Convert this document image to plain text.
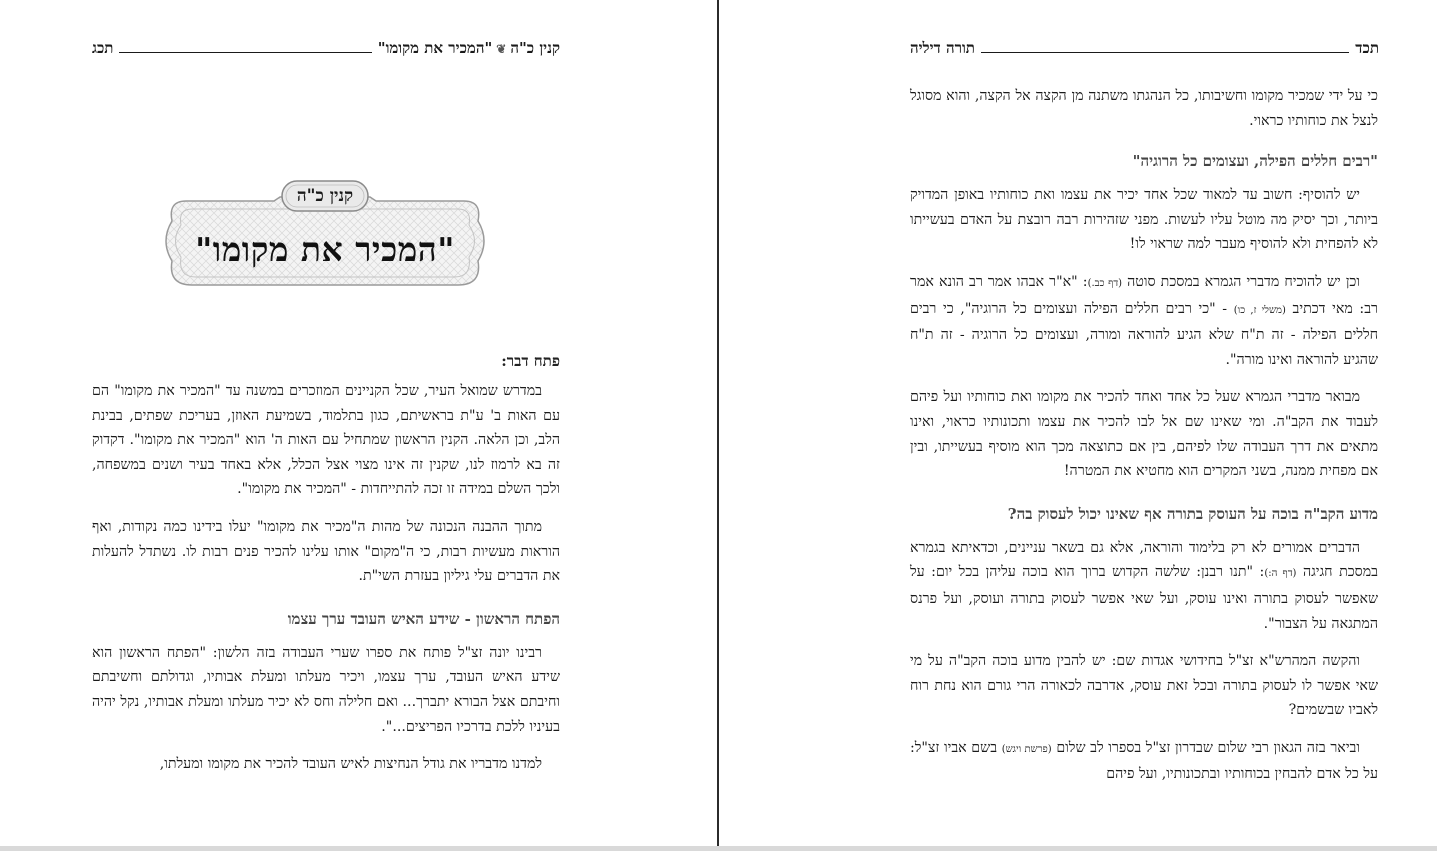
קנין כ"ה
❦
"המכיר את מקומו"
תכג
קנין כ"ה
"המכיר את מקומו"
פתח דבר:

במדרש שמואל העיר, שכל הקניינים המוזכרים במשנה עד "המכיר את מקומו" הם עם האות ב' ע"ת בראשיתם, כגון בתלמוד, בשמיעת האוזן, בעריכת שפתים, בבינת הלב, וכן הלאה. הקנין הראשון שמתחיל עם האות ה' הוא "המכיר את מקומו". דקדוק זה בא לרמוז לנו, שקנין זה אינו מצוי אצל הכלל, אלא באחד בעיר ושנים במשפחה, ולכך השלם במידה זו זכה להתייחדות - "המכיר את מקומו".

מתוך ההבנה הנכונה של מהות ה"מכיר את מקומו" יעלו בידינו כמה נקודות, ואף הוראות מעשיות רבות, כי ה"מקום" אותו עלינו להכיר פנים רבות לו. נשתדל להעלות את הדברים עלי גיליון בעזרת השי"ת.

הפתח הראשון - שידע האיש העובד ערך עצמו

רבינו יונה זצ"ל פותח את ספרו שערי העבודה בזה הלשון: "הפתח הראשון הוא שידע האיש העובד, ערך עצמו, ויכיר מעלתו ומעלת אבותיו, וגדולתם וחשיבתם וחיבתם אצל הבורא יתברך... ואם חלילה וחס לא יכיר מעלתו ומעלת אבותיו, נקל יהיה בעיניו ללכת בדרכיו הפריצים...".

למדנו מדבריו את גודל הנחיצות לאיש העובד להכיר את מקומו ומעלתו,

תכד
תורה דיליה

כי על ידי שמכיר מקומו וחשיבותו, כל הנהגתו משתנה מן הקצה אל הקצה, והוא מסוגל לנצל את כוחותיו כראוי.

"רבים חללים הפילה, ועצומים כל הרוגיה"

יש להוסיף: חשוב עד למאוד שכל אחד יכיר את עצמו ואת כוחותיו באופן המדויק ביותר, וכך יסיק מה מוטל עליו לעשות. מפני שזהירות רבה רובצת על האדם בעשייתו לא להפחית ולא להוסיף מעבר למה שראוי לו!

וכן יש להוכיח מדברי הגמרא במסכת סוטה (דף כב.): "א"ר אבהו אמר רב הונא אמר רב: מאי דכתיב (משלי ז, כו) - "כי רבים חללים הפילה ועצומים כל הרוגיה", כי רבים חללים הפילה - זה ת"ח שלא הגיע להוראה ומורה, ועצומים כל הרוגיה - זה ת"ח שהגיע להוראה ואינו מורה".

מבואר מדברי הגמרא שעל כל אחד ואחד להכיר את מקומו ואת כוחותיו ועל פיהם לעבוד את הקב"ה. ומי שאינו שם אל לבו להכיר את עצמו ותכונותיו כראוי, ואינו מתאים את דרך העבודה שלו לפיהם, בין אם כתוצאה מכך הוא מוסיף בעשייתו, ובין אם מפחית ממנה, בשני המקרים הוא מחטיא את המטרה!

מדוע הקב"ה בוכה על העוסק בתורה אף שאינו יכול לעסוק בה?

הדברים אמורים לא רק בלימוד והוראה, אלא גם בשאר עניינים, וכדאיתא בגמרא במסכת חגיגה (דף ה:): "תנו רבנן: שלשה הקדוש ברוך הוא בוכה עליהן בכל יום: על שאפשר לעסוק בתורה ואינו עוסק, ועל שאי אפשר לעסוק בתורה ועוסק, ועל פרנס המתגאה על הצבור".

והקשה המהרש"א זצ"ל בחידושי אגדות שם: יש להבין מדוע בוכה הקב"ה על מי שאי אפשר לו לעסוק בתורה ובכל זאת עוסק, אדרבה לכאורה הרי גורם הוא נחת רוח לאביו שבשמים?

וביאר בזה הגאון רבי שלום שבדרון זצ"ל בספרו לב שלום (פרשת ויגש) בשם אביו זצ"ל: על כל אדם להבחין בכוחותיו ובתכונותיו, ועל פיהם
